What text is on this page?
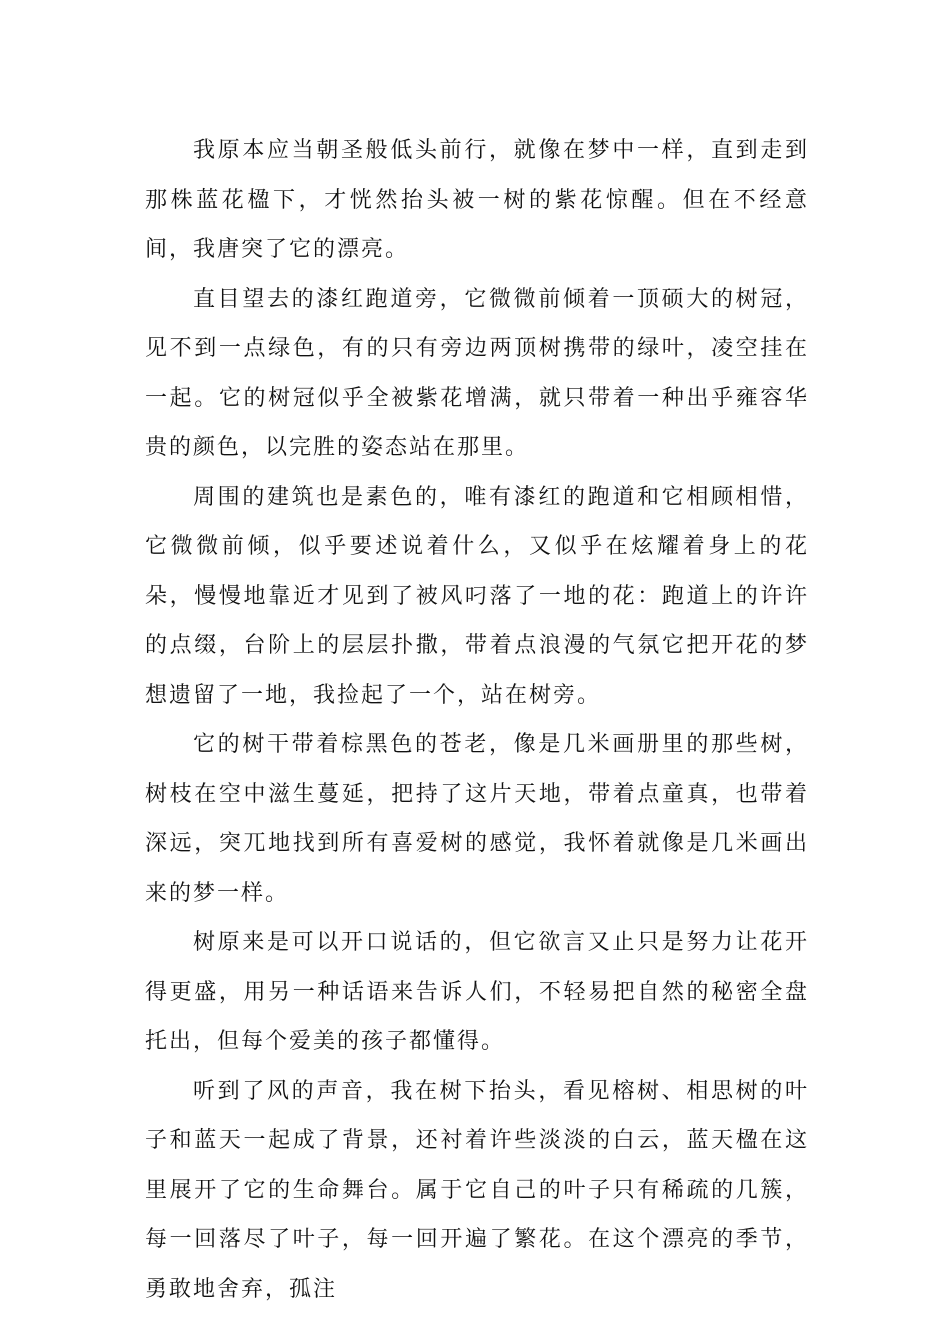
我原本应当朝圣般低头前行，就像在梦中一样，直到走到那株蓝花楹下，才恍然抬头被一树的紫花惊醒。但在不经意间，我唐突了它的漂亮。

直目望去的漆红跑道旁，它微微前倾着一顶硕大的树冠，见不到一点绿色，有的只有旁边两顶树携带的绿叶，凌空挂在一起。它的树冠似乎全被紫花增满，就只带着一种出乎雍容华贵的颜色，以完胜的姿态站在那里。

周围的建筑也是素色的，唯有漆红的跑道和它相顾相惜，它微微前倾，似乎要述说着什么，又似乎在炫耀着身上的花朵，慢慢地靠近才见到了被风叼落了一地的花：跑道上的许许的点缀，台阶上的层层扑撒，带着点浪漫的气氛它把开花的梦想遗留了一地，我捡起了一个，站在树旁。

它的树干带着棕黑色的苍老，像是几米画册里的那些树，树枝在空中滋生蔓延，把持了这片天地，带着点童真，也带着深远，突兀地找到所有喜爱树的感觉，我怀着就像是几米画出来的梦一样。

树原来是可以开口说话的，但它欲言又止只是努力让花开得更盛，用另一种话语来告诉人们，不轻易把自然的秘密全盘托出，但每个爱美的孩子都懂得。

听到了风的声音，我在树下抬头，看见榕树、相思树的叶子和蓝天一起成了背景，还衬着许些淡淡的白云，蓝天楹在这里展开了它的生命舞台。属于它自己的叶子只有稀疏的几簇，每一回落尽了叶子，每一回开遍了繁花。在这个漂亮的季节，勇敢地舍弃，孤注
